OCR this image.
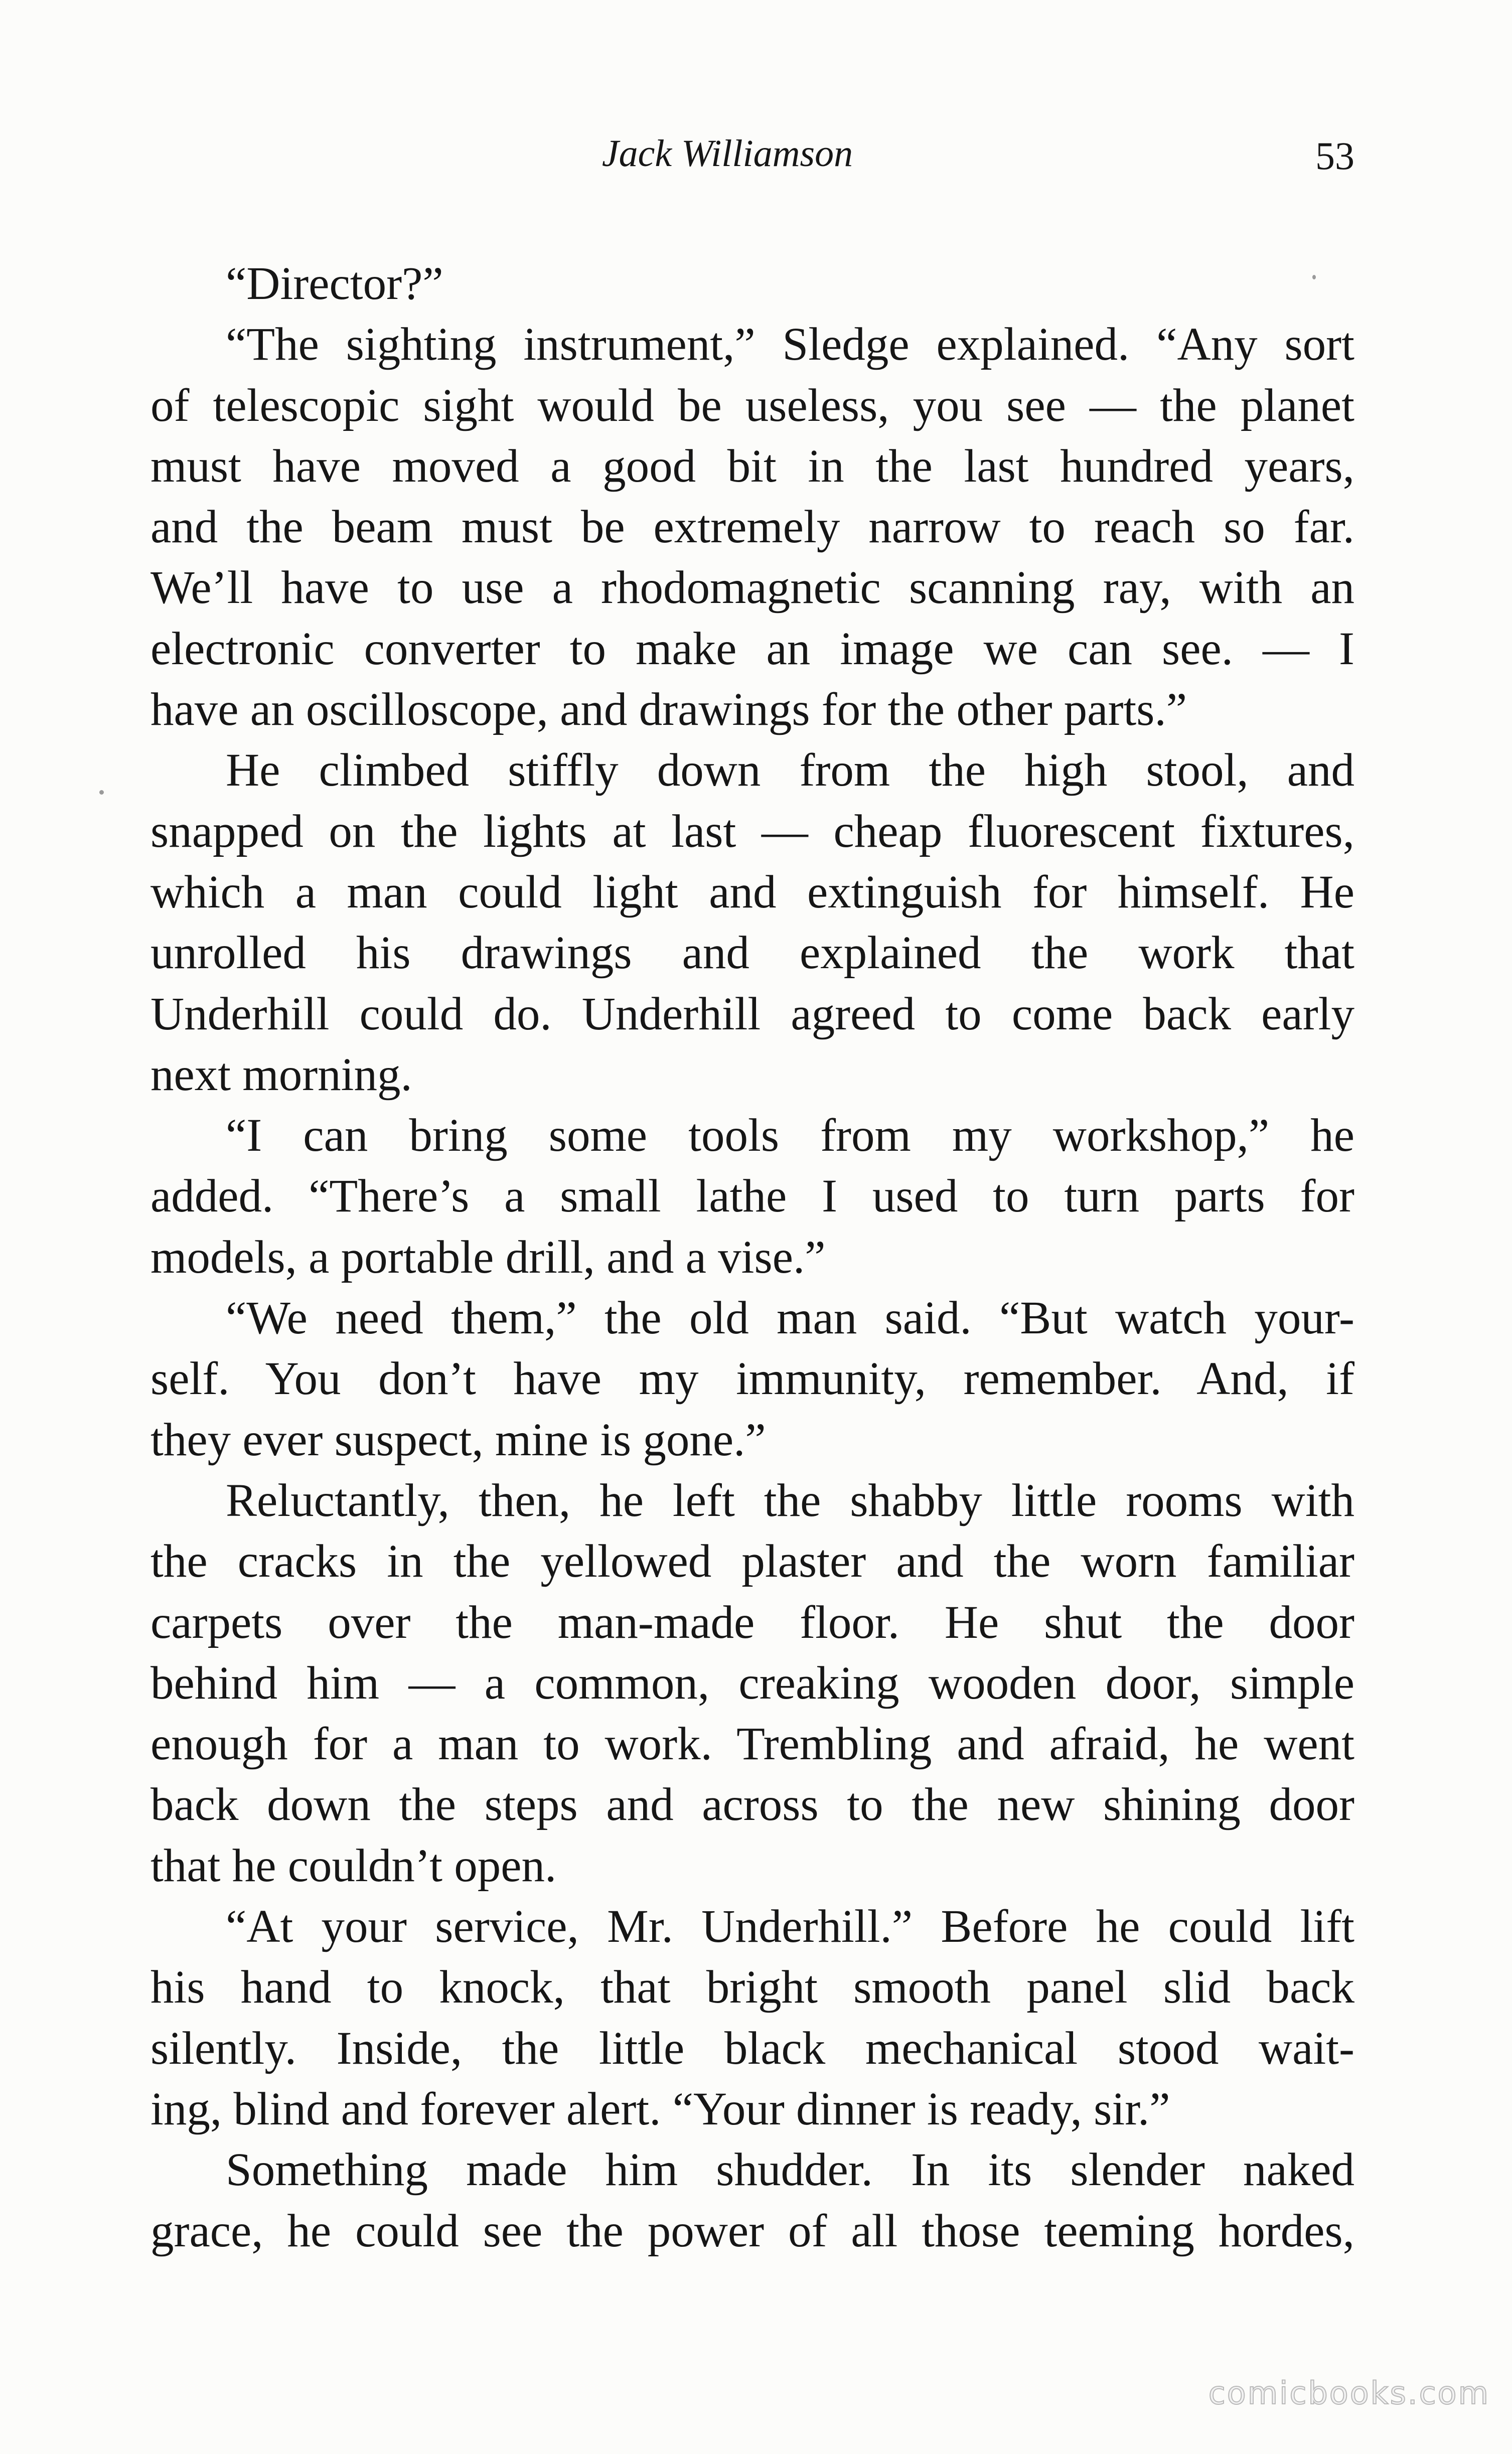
Jack Williamson	53
“Director?”
“The sighting instrument,” Sledge explained. “Any sort
of telescopic sight would be useless, you see — the planet
must have moved a good bit in the last hundred years,
and the beam must be extremely narrow to reach so far.
We’ll have to use a rhodomagnetic scanning ray, with an
electronic converter to make an image we can see. — I
have an oscilloscope, and drawings for the other parts.”
He climbed stiffly down from the high stool, and
snapped on the lights at last — cheap fluorescent fixtures,
which a man could light and extinguish for himself. He
unrolled his drawings and explained the work that
Underhill could do. Underhill agreed to come back early
next morning.
“I can bring some tools from my workshop,” he
added. “There’s a small lathe I used to turn parts for
models, a portable drill, and a vise.”
“We need them,” the old man said. “But watch your-
self. You don’t have my immunity, remember. And, if
they ever suspect, mine is gone.”
Reluctantly, then, he left the shabby little rooms with
the cracks in the yellowed plaster and the worn familiar
carpets over the man-made floor. He shut the door
behind him — a common, creaking wooden door, simple
enough for a man to work. Trembling and afraid, he went
back down the steps and across to the new shining door
that he couldn’t open.
“At your service, Mr. Underhill.” Before he could lift
his hand to knock, that bright smooth panel slid back
silently. Inside, the little black mechanical stood wait-
ing, blind and forever alert. “Your dinner is ready, sir.”
Something made him shudder. In its slender naked
grace, he could see the power of all those teeming hordes,
comicbooks.com
